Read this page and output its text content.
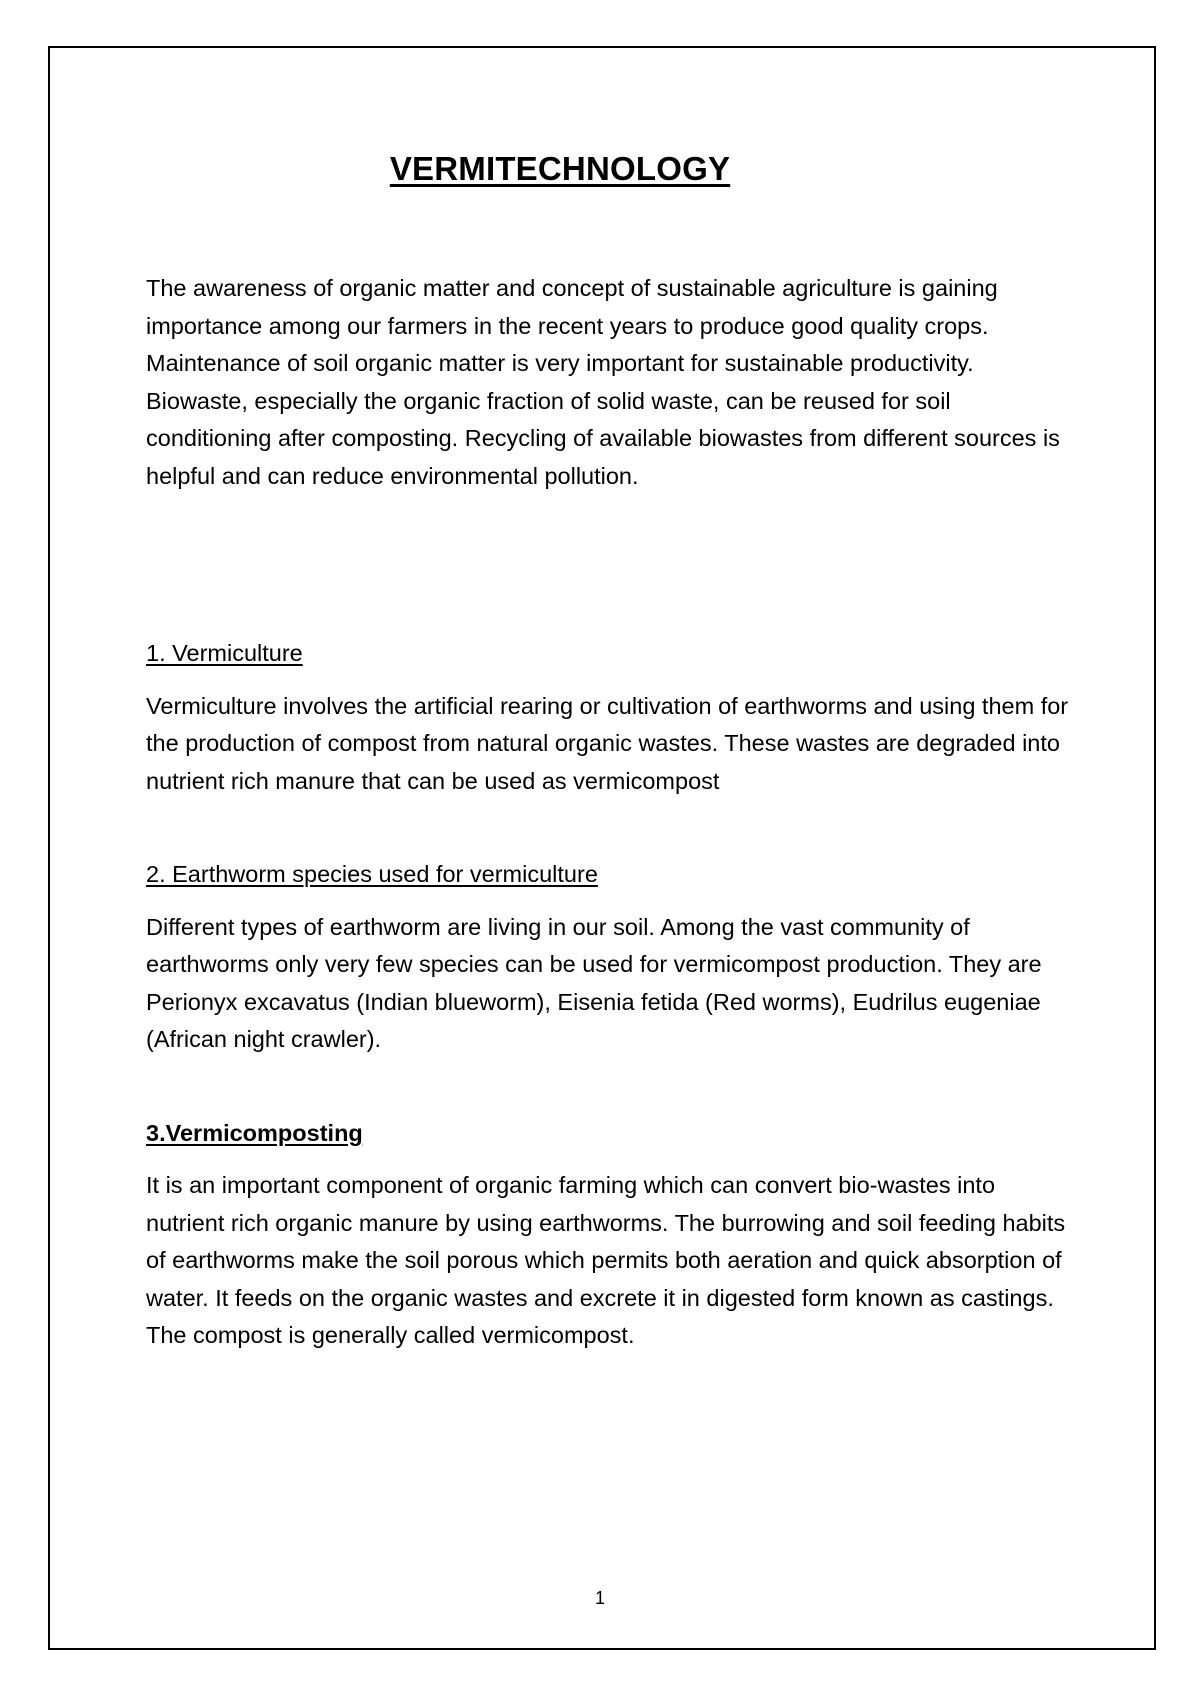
VERMITECHNOLOGY

The awareness of organic matter and concept of sustainable agriculture is gaining importance among our farmers in the recent years to produce good quality crops. Maintenance of soil organic matter is very important for sustainable productivity. Biowaste, especially the organic fraction of solid waste, can be reused for soil conditioning after composting. Recycling of available biowastes from different sources is helpful and can reduce environmental pollution.

1. Vermiculture

Vermiculture involves the artificial rearing or cultivation of earthworms and using them for the production of compost from natural organic wastes. These wastes are degraded into nutrient rich manure that can be used as vermicompost

2. Earthworm species used for vermiculture

Different types of earthworm are living in our soil. Among the vast community of earthworms only very few species can be used for vermicompost production. They are Perionyx excavatus (Indian blueworm), Eisenia fetida (Red worms), Eudrilus eugeniae (African night crawler).

3.Vermicomposting

It is an important component of organic farming which can convert bio-wastes into nutrient rich organic manure by using earthworms. The burrowing and soil feeding habits of earthworms make the soil porous which permits both aeration and quick absorption of water. It feeds on the organic wastes and excrete it in digested form known as castings. The compost is generally called vermicompost.

1
